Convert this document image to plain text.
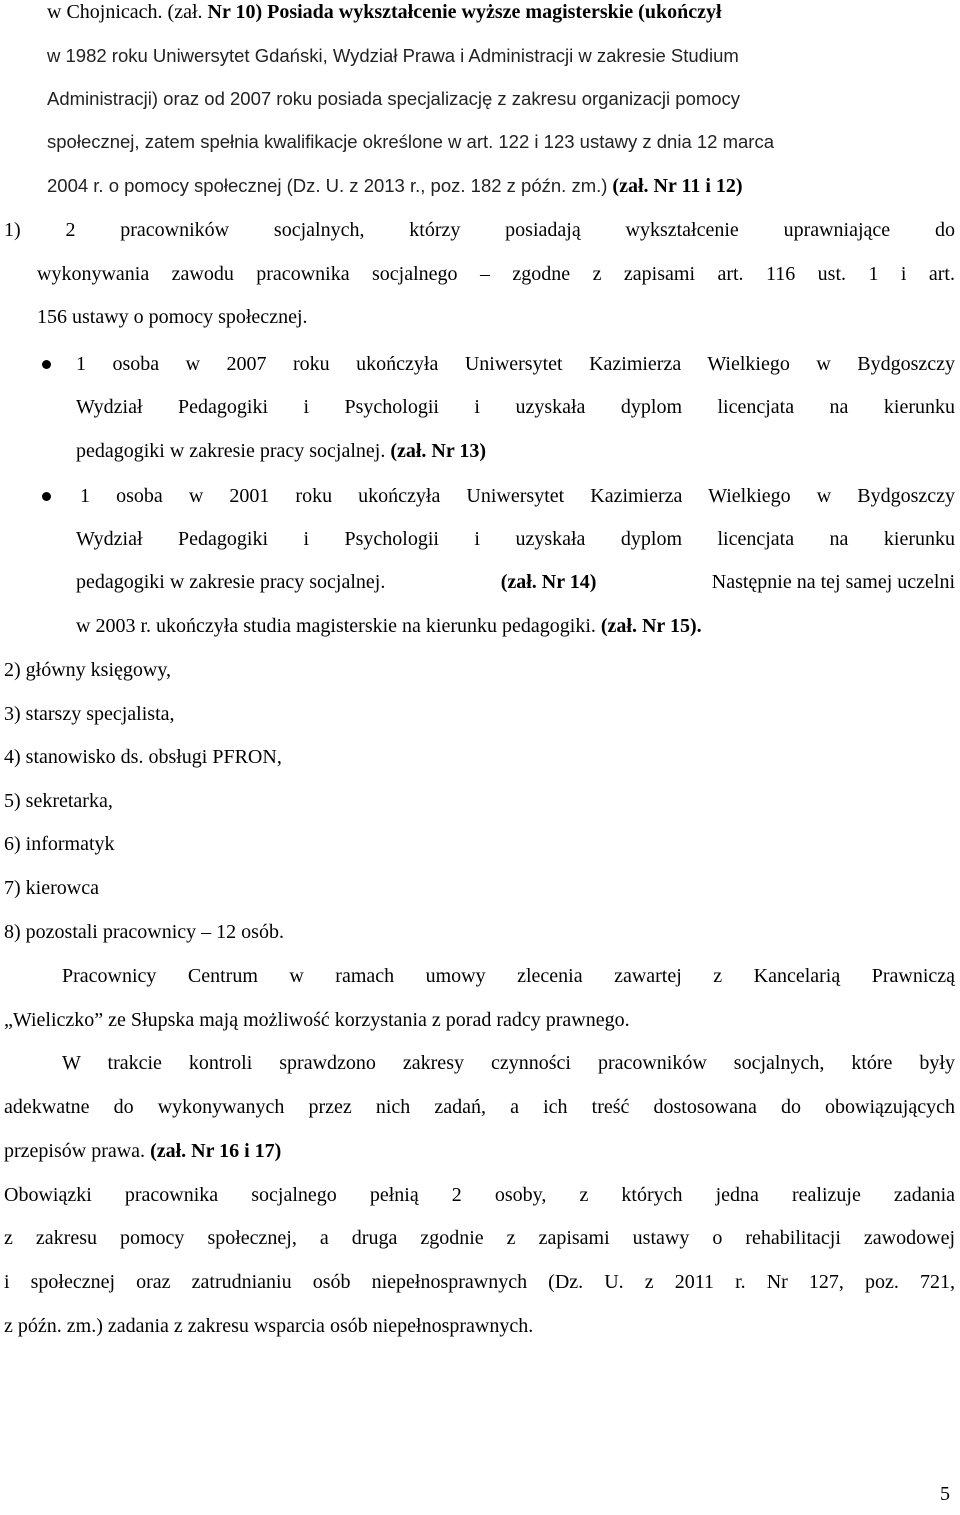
w Chojnicach. (zał. Nr 10) Posiada wykształcenie wyższe magisterskie (ukończył
w 1982 roku Uniwersytet Gdański, Wydział Prawa i Administracji w zakresie Studium
Administracji) oraz od 2007 roku posiada specjalizację z zakresu organizacji pomocy
społecznej, zatem spełnia kwalifikacje określone w art. 122 i 123 ustawy z dnia 12 marca
2004 r. o pomocy społecznej (Dz. U. z 2013 r., poz. 182 z późn. zm.) (zał. Nr 11 i 12)
1) 2 pracowników socjalnych, którzy posiadają wykształcenie uprawniające do
wykonywania zawodu pracownika socjalnego – zgodne z zapisami art. 116 ust. 1 i art.
156 ustawy o pomocy społecznej.
1 osoba w 2007 roku ukończyła Uniwersytet Kazimierza Wielkiego w Bydgoszczy
Wydział Pedagogiki i Psychologii i uzyskała dyplom licencjata na kierunku
pedagogiki w zakresie pracy socjalnej. (zał. Nr 13)
1 osoba w 2001 roku ukończyła Uniwersytet Kazimierza Wielkiego w Bydgoszczy
Wydział Pedagogiki i Psychologii i uzyskała dyplom licencjata na kierunku
pedagogiki w zakresie pracy socjalnej.	(zał. Nr 14)	Następnie na tej samej uczelni
w 2003 r. ukończyła studia magisterskie na kierunku pedagogiki. (zał. Nr 15).
2) główny księgowy,
3) starszy specjalista,
4) stanowisko ds. obsługi PFRON,
5) sekretarka,
6) informatyk
7) kierowca
8) pozostali pracownicy – 12 osób.
Pracownicy Centrum w ramach umowy zlecenia zawartej z Kancelarią Prawniczą
„Wieliczko” ze Słupska mają możliwość korzystania z porad radcy prawnego.
W trakcie kontroli sprawdzono zakresy czynności pracowników socjalnych, które były
adekwatne do wykonywanych przez nich zadań, a ich treść dostosowana do obowiązujących
przepisów prawa. (zał. Nr 16 i 17)
Obowiązki pracownika socjalnego pełnią 2 osoby, z których jedna realizuje zadania
z zakresu pomocy społecznej, a druga zgodnie z zapisami ustawy o rehabilitacji zawodowej
i społecznej oraz zatrudnianiu osób niepełnosprawnych (Dz. U. z 2011 r. Nr 127, poz. 721,
z późn. zm.) zadania z zakresu wsparcia osób niepełnosprawnych.
5
